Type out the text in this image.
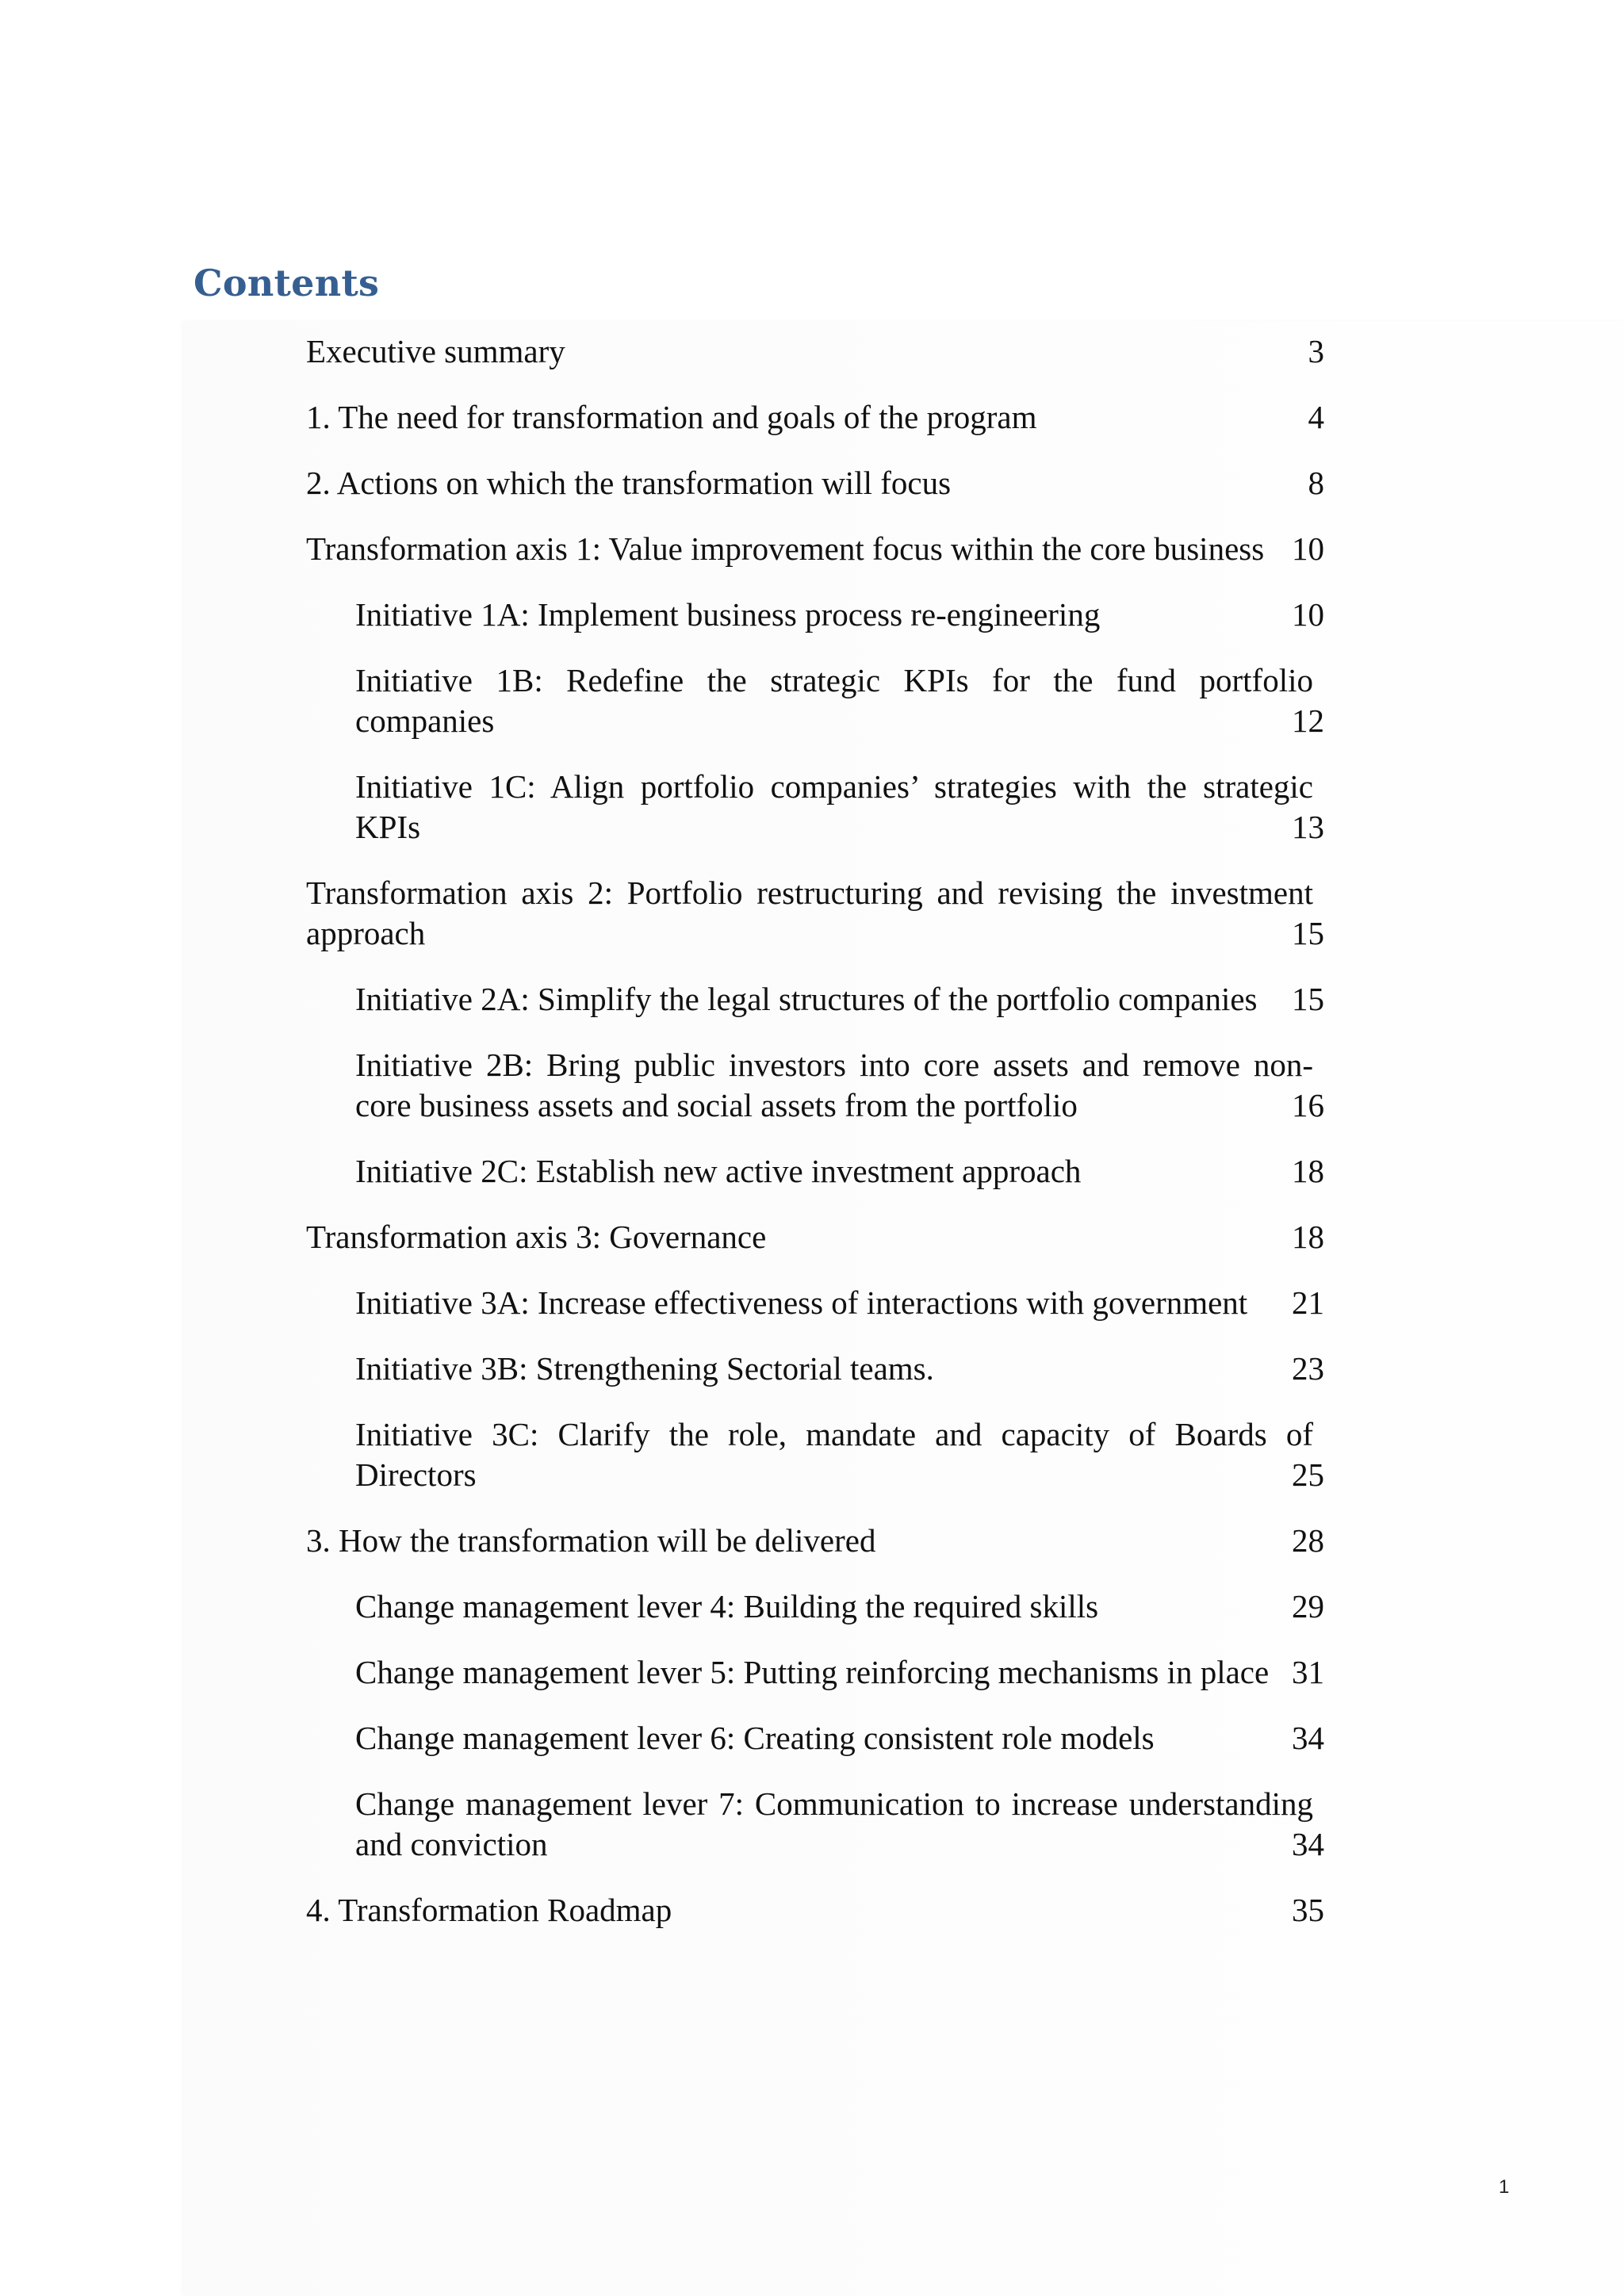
Contents
Executive summary	3
1. The need for transformation and goals of the program	4
2. Actions on which the transformation will focus	8
Transformation axis 1: Value improvement focus within the core business 10
Initiative 1A: Implement business process re-engineering	10
Initiative 1B: Redefine the strategic KPIs for the fund portfolio companies	12
Initiative 1C: Align portfolio companies’ strategies with the strategic KPIs	13
Transformation axis 2: Portfolio restructuring and revising the investment approach	15
Initiative 2A: Simplify the legal structures of the portfolio companies	15
Initiative 2B: Bring public investors into core assets and remove non-core business assets and social assets from the portfolio	16
Initiative 2C: Establish new active investment approach	18
Transformation axis 3: Governance	18
Initiative 3A: Increase effectiveness of interactions with government	21
Initiative 3B: Strengthening Sectorial teams.	23
Initiative 3C: Clarify the role, mandate and capacity of Boards of Directors	25
3. How the transformation will be delivered	28
Change management lever 4: Building the required skills	29
Change management lever 5: Putting reinforcing mechanisms in place 31
Change management lever 6: Creating consistent role models	34
Change management lever 7: Communication to increase understanding and conviction	34
4. Transformation Roadmap	35
1
